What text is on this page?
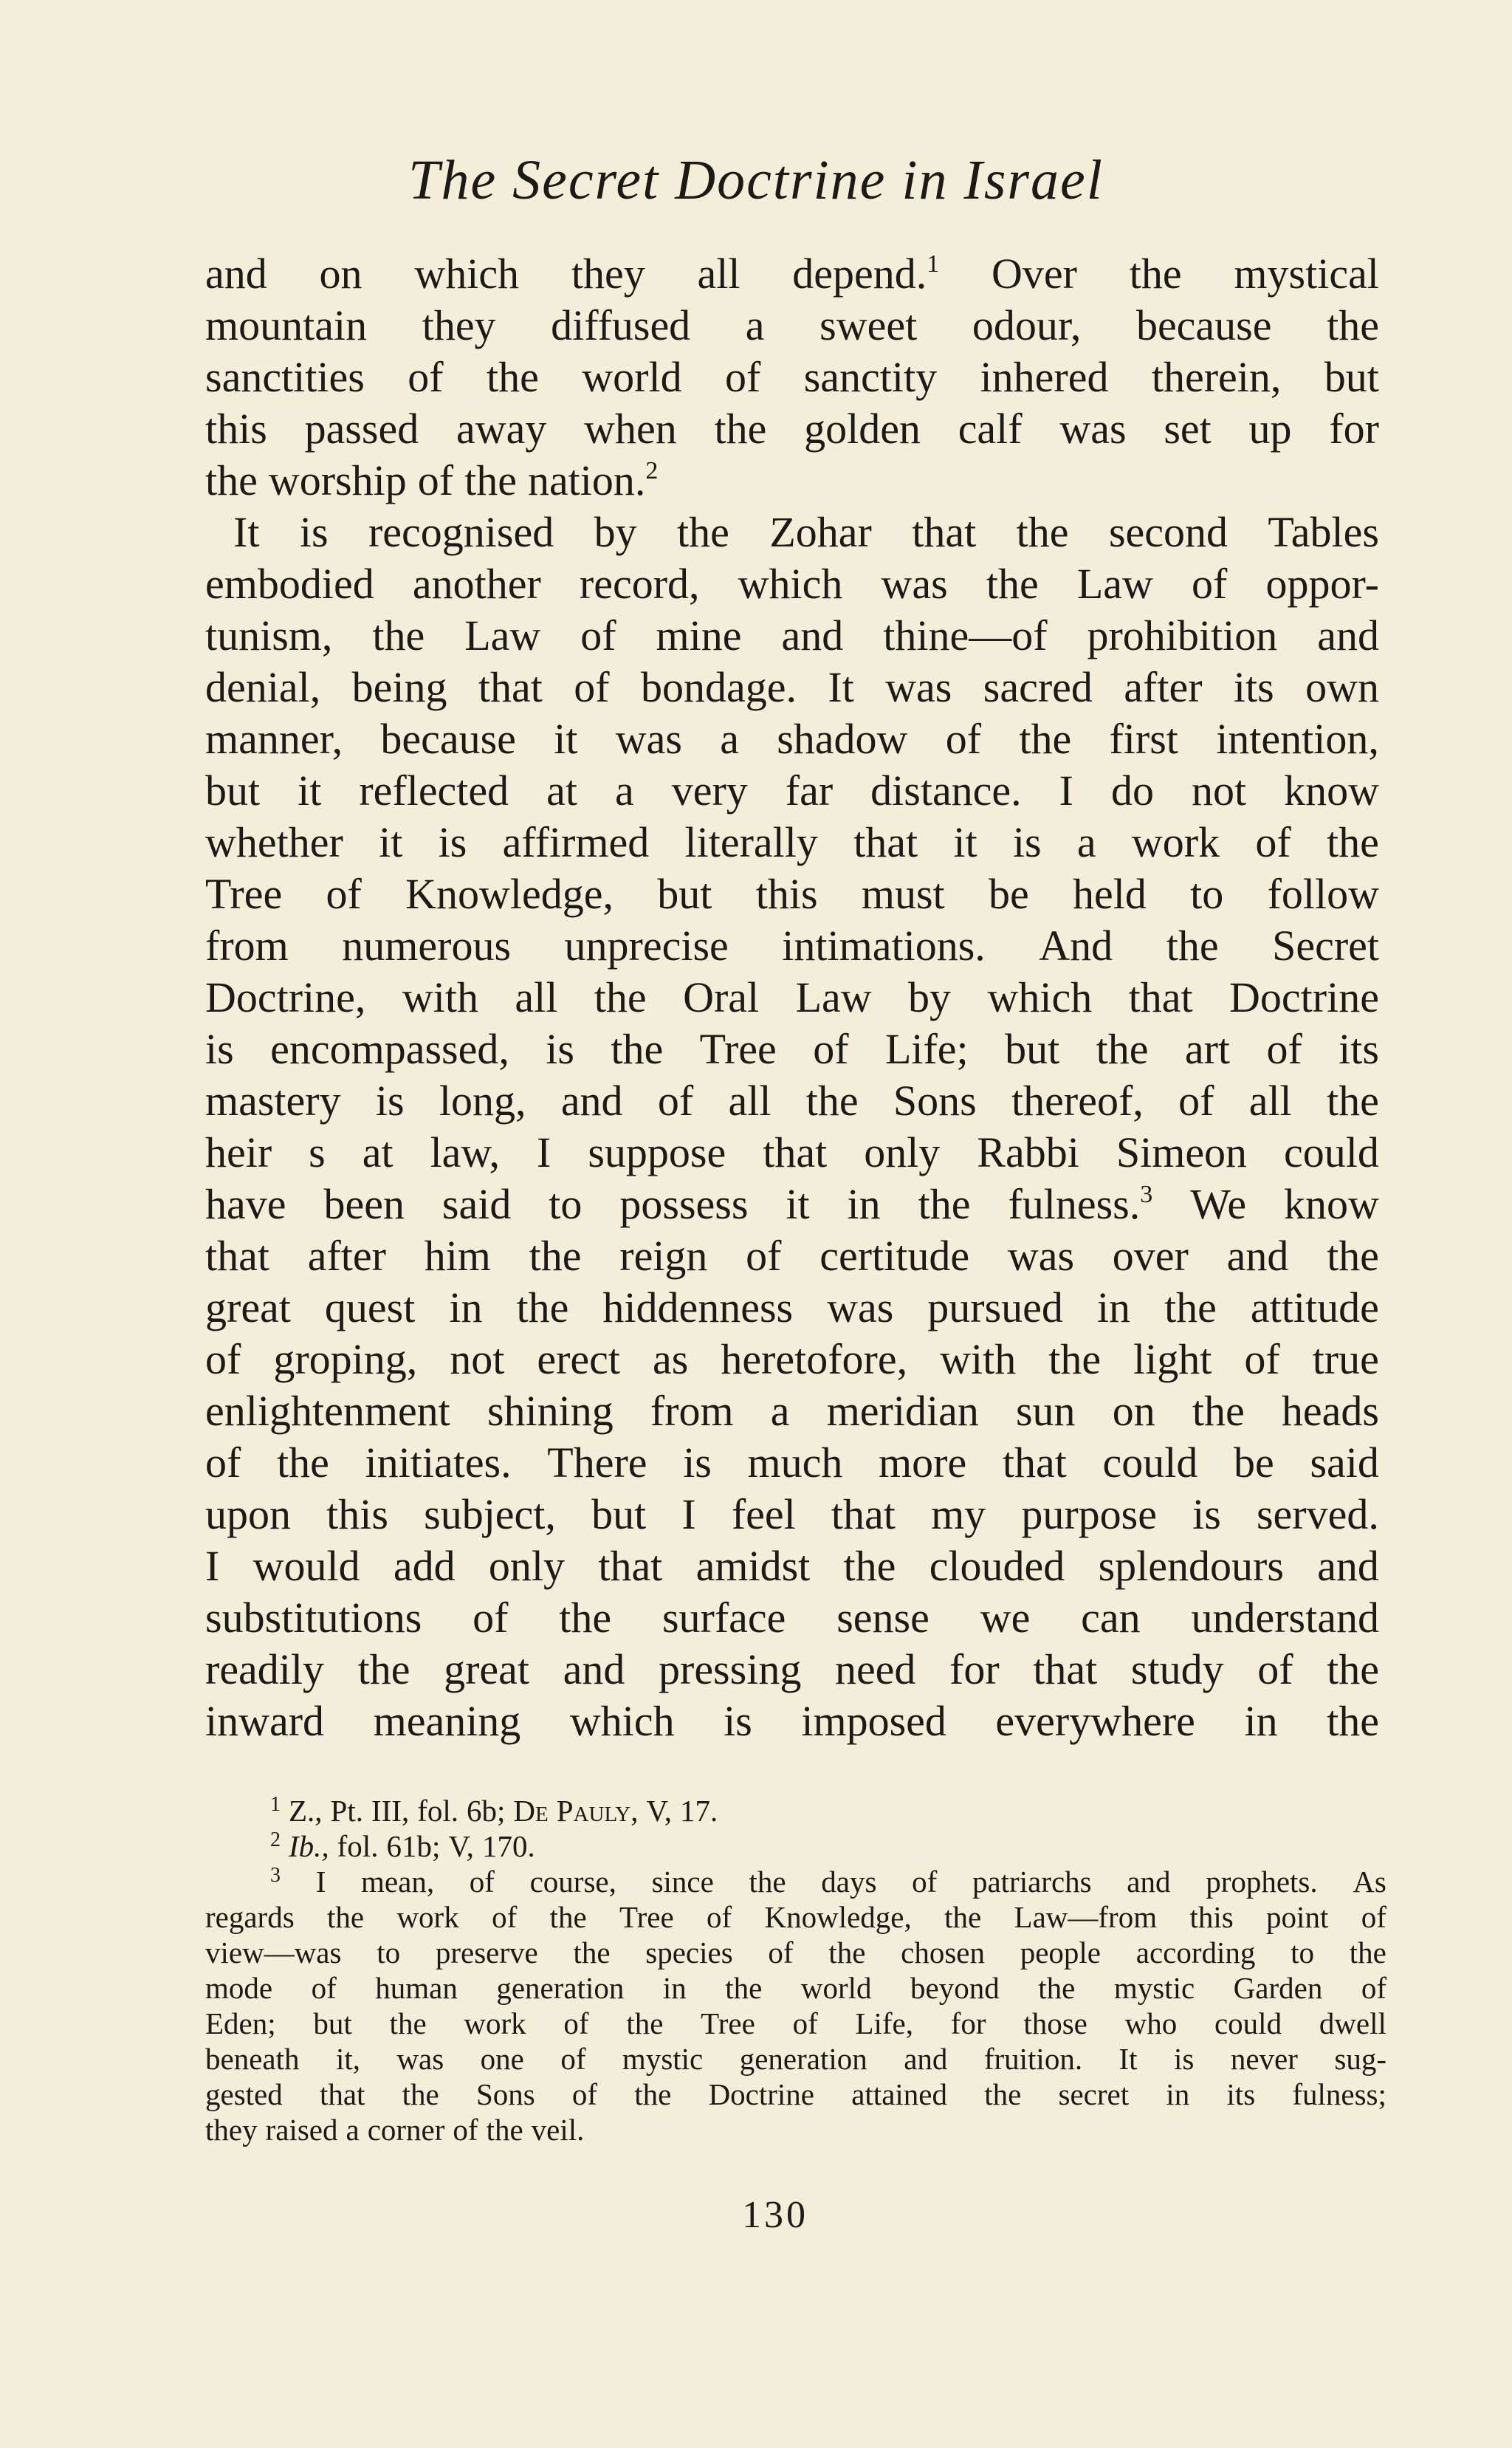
The Secret Doctrine in Israel
and on which they all depend.$^1$ Over the mystical
mountain they diffused a sweet odour, because the
sanctities of the world of sanctity inhered therein, but
this passed away when the golden calf was set up for
the worship of the nation.$^2$
It is recognised by the Zohar that the second Tables
embodied another record, which was the Law of oppor-
tunism, the Law of mine and thine—of prohibition and
denial, being that of bondage. It was sacred after its own
manner, because it was a shadow of the first intention,
but it reflected at a very far distance. I do not know
whether it is affirmed literally that it is a work of the
Tree of Knowledge, but this must be held to follow
from numerous unprecise intimations. And the Secret
Doctrine, with all the Oral Law by which that Doctrine
is encompassed, is the Tree of Life; but the art of its
mastery is long, and of all the Sons thereof, of all the
heir s at law, I suppose that only Rabbi Simeon could
have been said to possess it in the fulness.$^3$ We know
that after him the reign of certitude was over and the
great quest in the hiddenness was pursued in the attitude
of groping, not erect as heretofore, with the light of true
enlightenment shining from a meridian sun on the heads
of the initiates. There is much more that could be said
upon this subject, but I feel that my purpose is served.
I would add only that amidst the clouded splendours and
substitutions of the surface sense we can understand
readily the great and pressing need for that study of the
inward meaning which is imposed everywhere in the
$^1$ Z., Pt. III, fol. 6b; De Pauly, V, 17.
$^2$ Ib., fol. 61b; V, 170.
$^3$ I mean, of course, since the days of patriarchs and prophets. As
regards the work of the Tree of Knowledge, the Law—from this point of
view—was to preserve the species of the chosen people according to the
mode of human generation in the world beyond the mystic Garden of
Eden; but the work of the Tree of Life, for those who could dwell
beneath it, was one of mystic generation and fruition. It is never sug-
gested that the Sons of the Doctrine attained the secret in its fulness;
they raised a corner of the veil.
130
